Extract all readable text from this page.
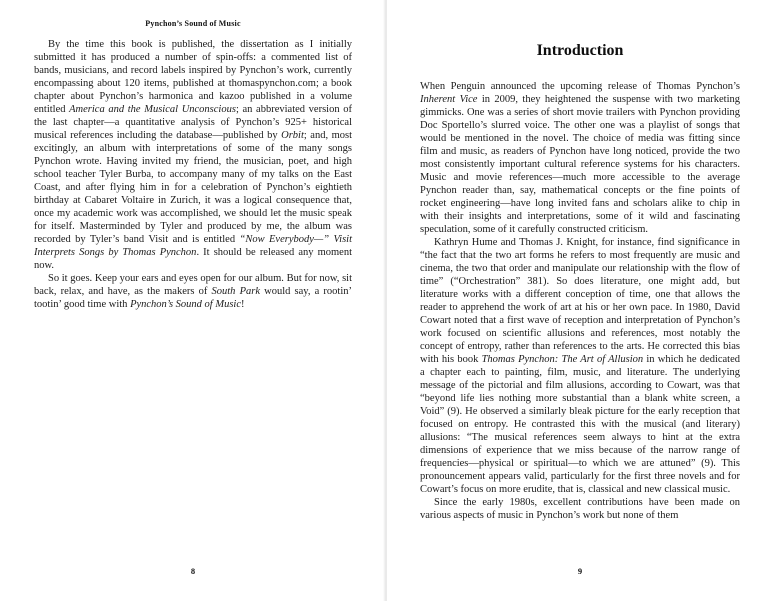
Pynchon’s Sound of Music

By the time this book is published, the dissertation as I initially submitted it has produced a number of spin-offs: a commented list of bands, musicians, and record labels inspired by Pynchon’s work, currently encompassing about 120 items, published at thomaspynchon.com; a book chapter about Pynchon’s harmonica and kazoo published in a volume entitled America and the Musical Unconscious; an abbreviated version of the last chapter—a quantitative analysis of Pynchon’s 925+ historical musical references including the database—published by Orbit; and, most excitingly, an album with interpretations of some of the many songs Pynchon wrote. Having invited my friend, the musician, poet, and high school teacher Tyler Burba, to accompany many of my talks on the East Coast, and after flying him in for a celebration of Pynchon’s eightieth birthday at Cabaret Voltaire in Zurich, it was a logical consequence that, once my academic work was accomplished, we should let the music speak for itself. Masterminded by Tyler and produced by me, the album was recorded by Tyler’s band Visit and is entitled “Now Everybody—” Visit Interprets Songs by Thomas Pynchon. It should be released any moment now.

So it goes. Keep your ears and eyes open for our album. But for now, sit back, relax, and have, as the makers of South Park would say, a rootin’ tootin’ good time with Pynchon’s Sound of Music!

8
Introduction

When Penguin announced the upcoming release of Thomas Pynchon’s Inherent Vice in 2009, they heightened the suspense with two marketing gimmicks. One was a series of short movie trailers with Pynchon providing Doc Sportello’s slurred voice. The other one was a playlist of songs that would be mentioned in the novel. The choice of media was fitting since film and music, as readers of Pynchon have long noticed, provide the two most consistently important cultural reference systems for his characters. Music and movie references—much more accessible to the average Pynchon reader than, say, mathematical concepts or the fine points of rocket engineering—have long invited fans and scholars alike to chip in with their insights and interpretations, some of it wild and fascinating speculation, some of it carefully constructed criticism.

Kathryn Hume and Thomas J. Knight, for instance, find significance in “the fact that the two art forms he refers to most frequently are music and cinema, the two that order and manipulate our relationship with the flow of time” (“Orchestration” 381). So does literature, one might add, but literature works with a different conception of time, one that allows the reader to apprehend the work of art at his or her own pace. In 1980, David Cowart noted that a first wave of reception and interpretation of Pynchon’s work focused on scientific allusions and references, most notably the concept of entropy, rather than references to the arts. He corrected this bias with his book Thomas Pynchon: The Art of Allusion in which he dedicated a chapter each to painting, film, music, and literature. The underlying message of the pictorial and film allusions, according to Cowart, was that “beyond life lies nothing more substantial than a blank white screen, a Void” (9). He observed a similarly bleak picture for the early reception that focused on entropy. He contrasted this with the musical (and literary) allusions: “The musical references seem always to hint at the extra dimensions of experience that we miss because of the narrow range of frequencies—physical or spiritual—to which we are attuned” (9). This pronouncement appears valid, particularly for the first three novels and for Cowart’s focus on more erudite, that is, classical and new classical music.

Since the early 1980s, excellent contributions have been made on various aspects of music in Pynchon’s work but none of them

9
